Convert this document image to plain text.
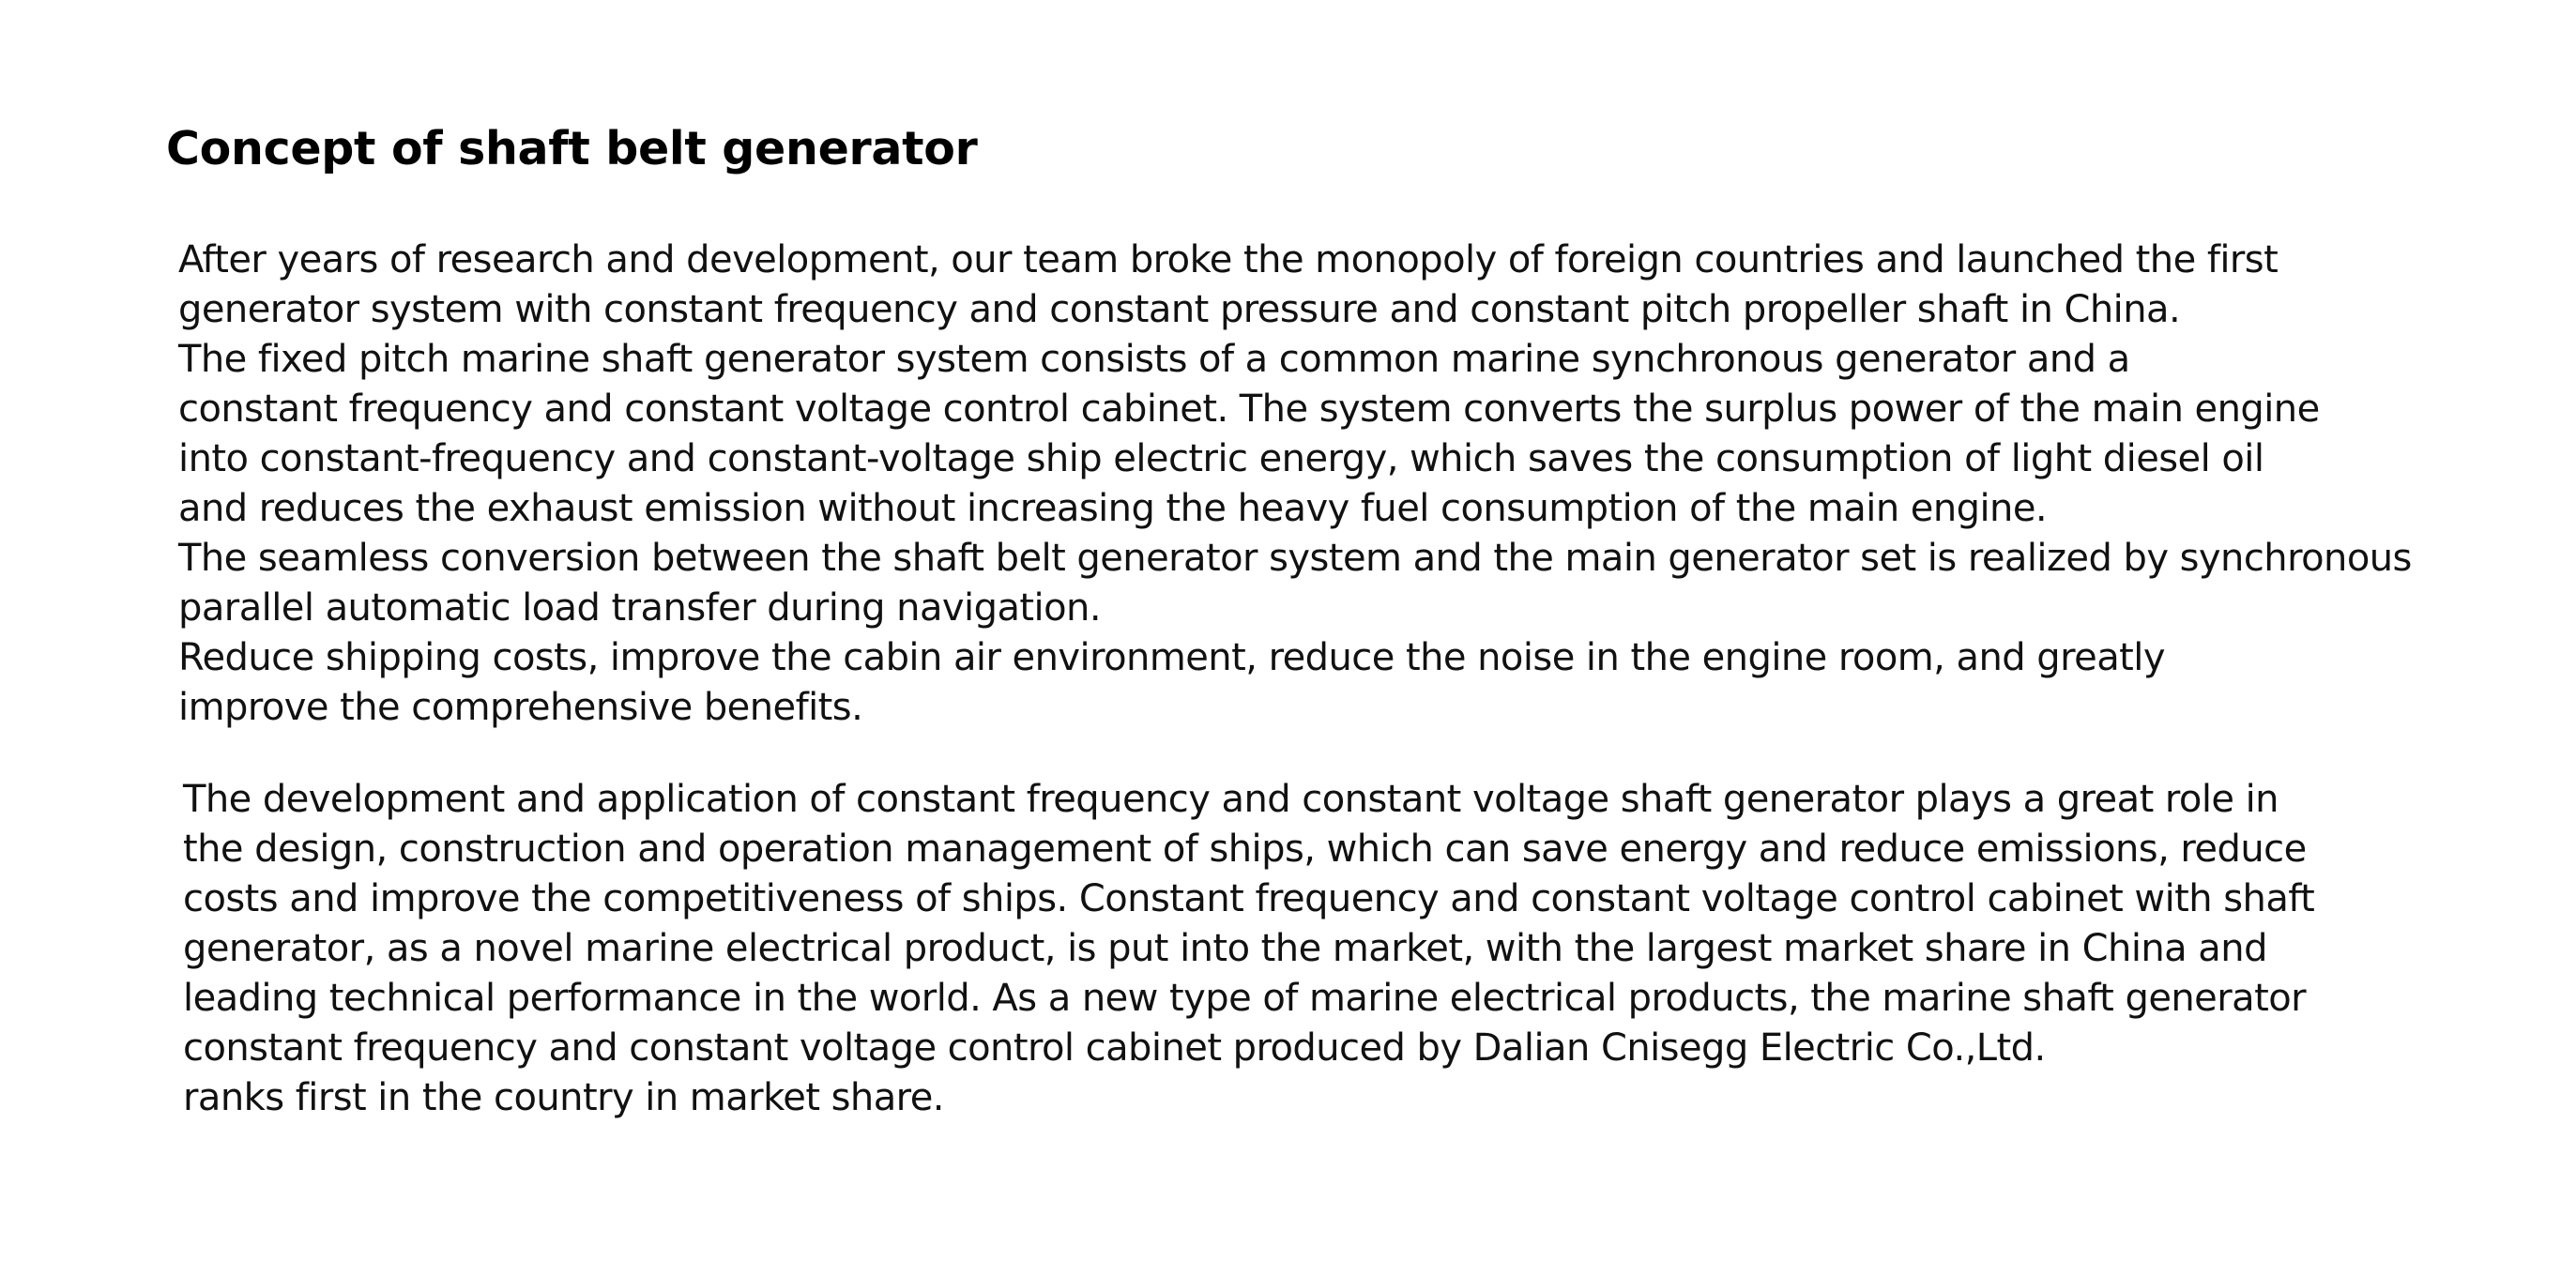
Concept of shaft belt generator
After years of research and development, our team broke the monopoly of foreign countries and launched the first
generator system with constant frequency and constant pressure and constant pitch propeller shaft in China.
The fixed pitch marine shaft generator system consists of a common marine synchronous generator and a
constant frequency and constant voltage control cabinet. The system converts the surplus power of the main engine
into constant-frequency and constant-voltage ship electric energy, which saves the consumption of light diesel oil
and reduces the exhaust emission without increasing the heavy fuel consumption of the main engine.
The seamless conversion between the shaft belt generator system and the main generator set is realized by synchronous
parallel automatic load transfer during navigation.
Reduce shipping costs, improve the cabin air environment, reduce the noise in the engine room, and greatly
improve the comprehensive benefits.
The development and application of constant frequency and constant voltage shaft generator plays a great role in
the design, construction and operation management of ships, which can save energy and reduce emissions, reduce
costs and improve the competitiveness of ships. Constant frequency and constant voltage control cabinet with shaft
generator, as a novel marine electrical product, is put into the market, with the largest market share in China and
leading technical performance in the world. As a new type of marine electrical products, the marine shaft generator
constant frequency and constant voltage control cabinet produced by Dalian Cnisegg Electric Co.,Ltd.
ranks first in the country in market share.
